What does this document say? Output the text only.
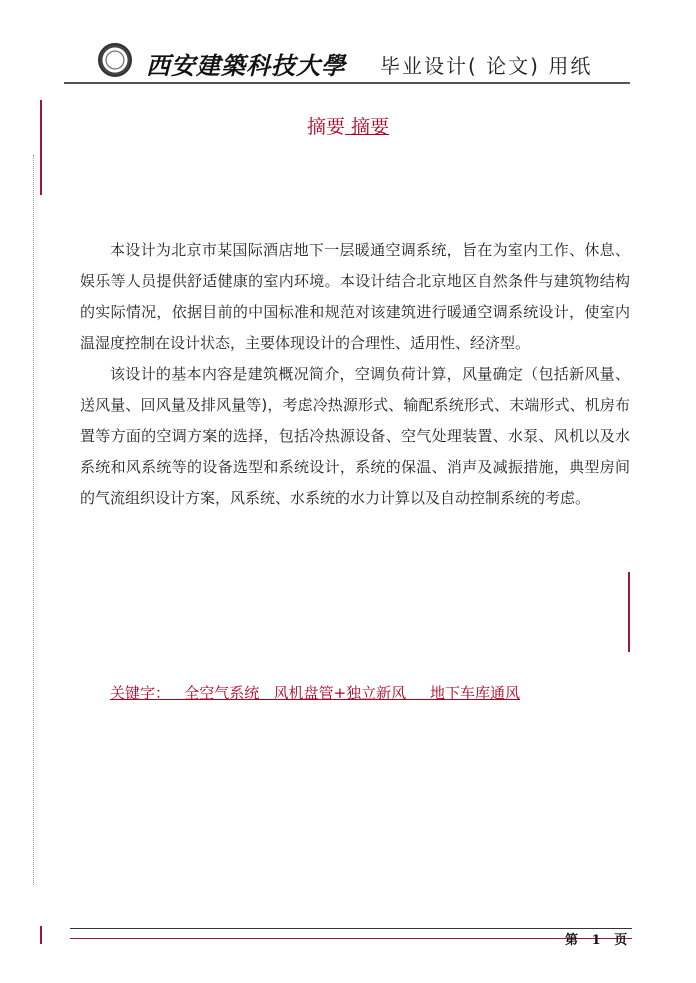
西安建築科技大學 毕业设计( 论文) 用纸
摘要 摘要

本设计为北京市某国际酒店地下一层暖通空调系统，旨在为室内工作、休息、娱乐等人员提供舒适健康的室内环境。本设计结合北京地区自然条件与建筑物结构的实际情况，依据目前的中国标准和规范对该建筑进行暖通空调系统设计，使室内温湿度控制在设计状态，主要体现设计的合理性、适用性、经济型。

该设计的基本内容是建筑概况简介，空调负荷计算，风量确定（包括新风量、送风量、回风量及排风量等)，考虑冷热源形式、输配系统形式、末端形式、机房布置等方面的空调方案的选择，包括冷热源设备、空气处理装置、水泵、风机以及水系统和风系统等的设备选型和系统设计，系统的保温、消声及减振措施，典型房间的气流组织设计方案，风系统、水系统的水力计算以及自动控制系统的考虑。

关键字：   全空气系统   风机盘管+独立新风     地下车库通风
第   1   页
